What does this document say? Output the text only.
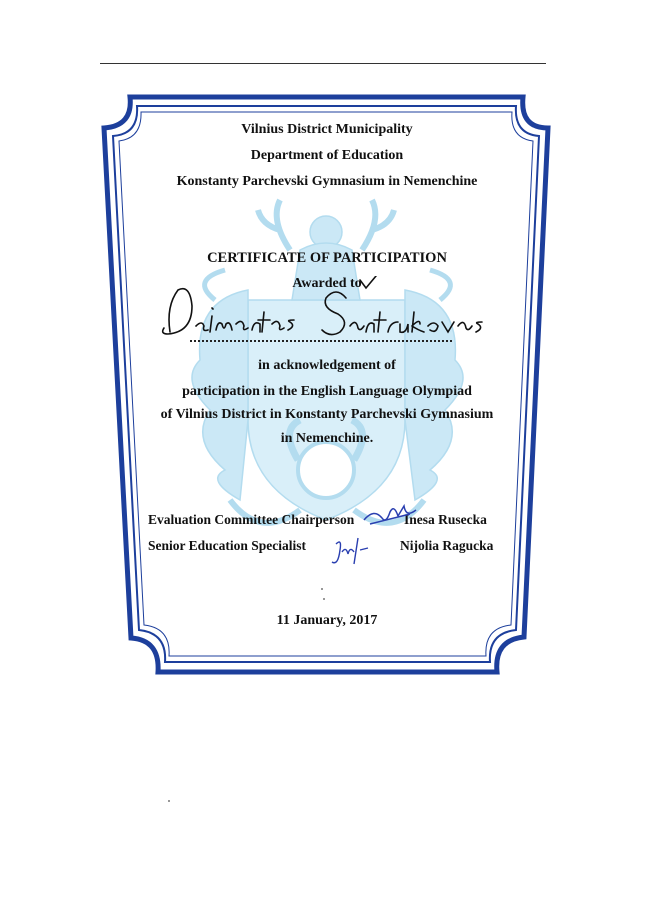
Vilnius District Municipality
Department of Education
Konstanty Parchevski Gymnasium in Nemenchine
CERTIFICATE OF PARTICIPATION
Awarded to
in acknowledgement of
participation in the English Language Olympiad
of Vilnius District in Konstanty Parchevski Gymnasium
in Nemenchine.
Evaluation Committee Chairperson	Inesa Rusecka
Senior Education Specialist	Nijolia Ragucka
11 January, 2017
